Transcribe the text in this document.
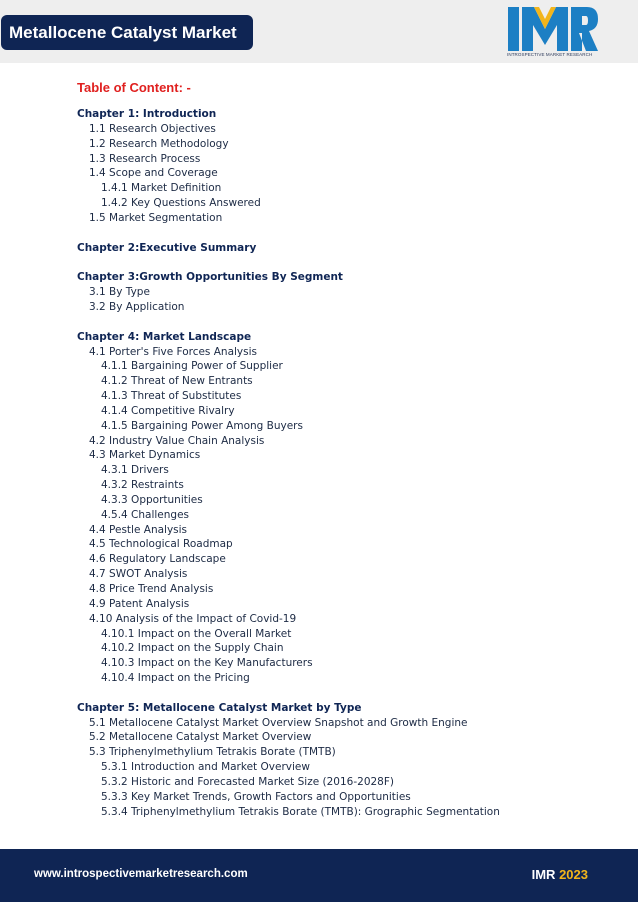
Metallocene Catalyst Market
INTROSPECTIVE MARKET RESEARCH
Table of Content: -
Chapter 1: Introduction
1.1 Research Objectives
1.2 Research Methodology
1.3 Research Process
1.4 Scope and Coverage
1.4.1 Market Definition
1.4.2 Key Questions Answered
1.5 Market Segmentation
Chapter 2:Executive Summary
Chapter 3:Growth Opportunities By Segment
3.1 By Type
3.2 By Application
Chapter 4: Market Landscape
4.1 Porter's Five Forces Analysis
4.1.1 Bargaining Power of Supplier
4.1.2 Threat of New Entrants
4.1.3 Threat of Substitutes
4.1.4 Competitive Rivalry
4.1.5 Bargaining Power Among Buyers
4.2 Industry Value Chain Analysis
4.3 Market Dynamics
4.3.1 Drivers
4.3.2 Restraints
4.3.3 Opportunities
4.5.4 Challenges
4.4 Pestle Analysis
4.5 Technological Roadmap
4.6 Regulatory Landscape
4.7 SWOT Analysis
4.8 Price Trend Analysis
4.9 Patent Analysis
4.10 Analysis of the Impact of Covid-19
4.10.1 Impact on the Overall Market
4.10.2 Impact on the Supply Chain
4.10.3 Impact on the Key Manufacturers
4.10.4 Impact on the Pricing
Chapter 5: Metallocene Catalyst Market by Type
5.1 Metallocene Catalyst Market Overview Snapshot and Growth Engine
5.2 Metallocene Catalyst Market Overview
5.3 Triphenylmethylium Tetrakis Borate (TMTB)
5.3.1 Introduction and Market Overview
5.3.2 Historic and Forecasted Market Size (2016-2028F)
5.3.3 Key Market Trends, Growth Factors and Opportunities
5.3.4 Triphenylmethylium Tetrakis Borate (TMTB): Grographic Segmentation
www.introspectivemarketresearch.com	IMR 2023
